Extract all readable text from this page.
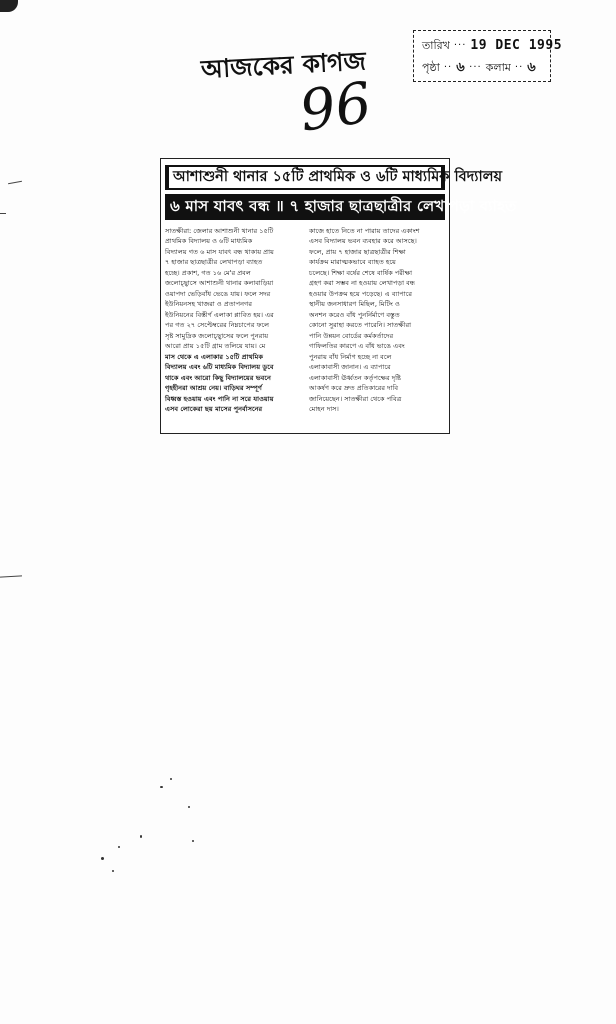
তারিখ ··· 19 DEC 1995
পৃষ্ঠা ·· ৬ ··· কলাম ·· ৬
আজকের কাগজ
96
আশাশুনী থানার ১৫টি প্রাথমিক ও ৬টি মাধ্যমিক বিদ্যালয়
৬ মাস যাবৎ বন্ধ ॥ ৭ হাজার ছাত্রছাত্রীর লেখাপড়া ব্যাহত
সাতক্ষীরা: জেলার আশাশুনী থানার ১৫টি
প্রাথমিক বিদ্যালয় ও ৬টি মাধ্যমিক
বিদ্যালয় গত ৬ মাস যাবৎ বন্ধ থাকায় প্রায়
৭ হাজার ছাত্রছাত্রীর লেখাপড়া ব্যাহত
হচ্ছে। প্রকাশ, গত ১৬ মে'র প্রবল
জলোচ্ছ্বাসে আশাশুনী থানার কলাবাড়িয়া
ওয়াপদা ভেড়িবাঁধ ভেঙে যায়। ফলে সদর
ইউনিয়নসহ খাজরা ও প্রতাপনগর
ইউনিয়নের বিস্তীর্ণ এলাকা প্লাবিত হয়। এর
পর গত ২৭ সেপ্টেম্বরের নিম্নচাপের ফলে
সৃষ্ট সামুদ্রিক জলোচ্ছ্বাসের ফলে পুনরায়
আরো প্রায় ১৫টি গ্রাম তলিয়ে যায়। মে
মাস থেকে এ এলাকার ১৫টি প্রাথমিক
বিদ্যালয় এবং ৬টি মাধ্যমিক বিদ্যালয় ডুবে
থাকে এবং আরো কিছু বিদ্যালয়ের ভবনে
গৃহহীনরা আশ্রয় নেয়। বাড়িঘর সম্পূর্ণ
বিধ্বস্ত হওয়ায় এবং পানি না সরে যাওয়ায়
এসব লোকেরা ছয় মাসের পুনর্বাসনের
কাজে হাতে নিতে না পারায় তাদের একাংশ
এসব বিদ্যালয় ভবন ব্যবহার করে আসছে।
ফলে, প্রায় ৭ হাজার ছাত্রছাত্রীর শিক্ষা
কার্যক্রম মারাত্মকভাবে ব্যাহত হয়ে
চলেছে। শিক্ষা বর্ষের শেষে বার্ষিক পরীক্ষা
গ্রহণ করা সম্ভব না হওয়ায় লেখাপড়া বন্ধ
হওয়ার উপক্রম হয়ে পড়েছে। এ ব্যাপারে
স্থানীয় জনসাধারণ মিছিল, মিটিং ও
অনশন করেও বাঁধ পুনর্নির্মাণে বস্তুত
কোনো সুরাহা করতে পারেনি। সাতক্ষীরা
পানি উন্নয়ন বোর্ডের কর্মকর্তাদের
গাফিলতির কারণে এ বাঁধ ভাঙে এবং
পুনরায় বাঁধ নির্মাণ হচ্ছে না বলে
এলাকাবাসী জানান। এ ব্যাপারে
এলাকাবাসী ঊর্ধ্বতন কর্তৃপক্ষের দৃষ্টি
আকর্ষণ করে দ্রুত প্রতিকারের দাবি
জানিয়েছেন। সাতক্ষীরা থেকে পবিত্র
মোহন দাস।
